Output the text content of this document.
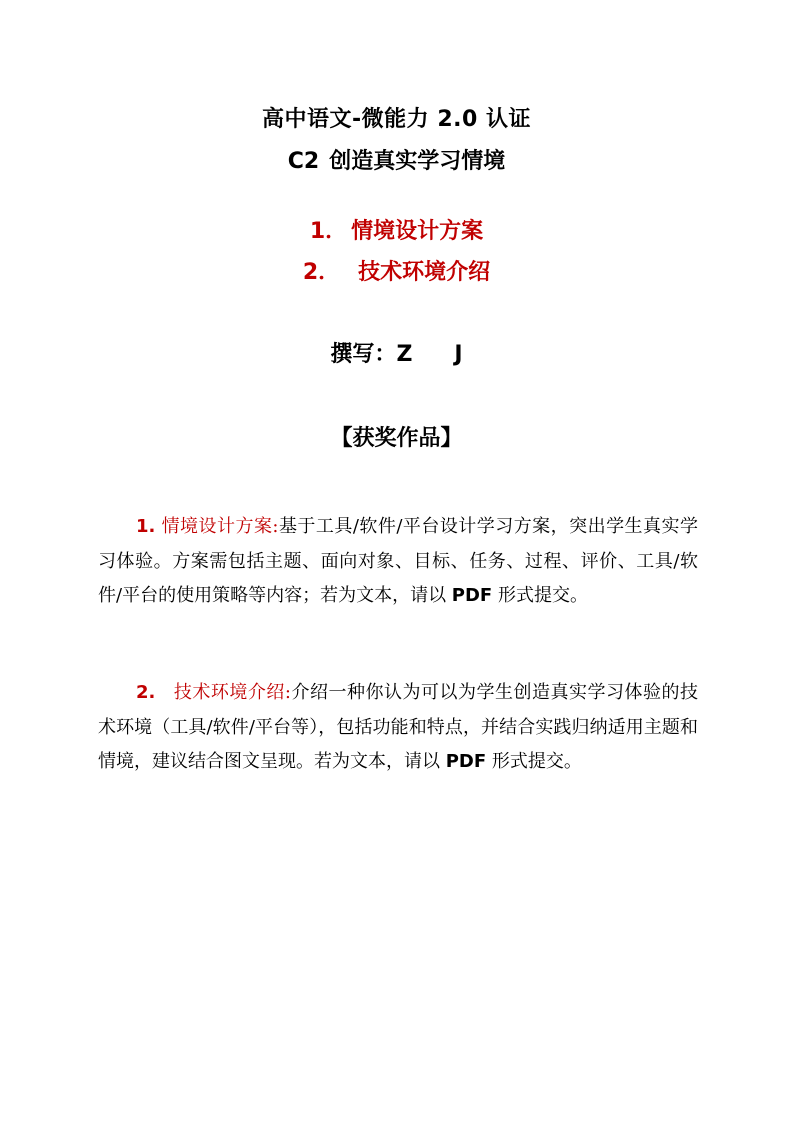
高中语文-微能力 2.0 认证
C2 创造真实学习情境
1． 情境设计方案
2． 技术环境介绍
撰写：Z J
【获奖作品】
1. 情境设计方案:基于工具/软件/平台设计学习方案，突出学生真实学习体验。方案需包括主题、面向对象、目标、任务、过程、评价、工具/软件/平台的使用策略等内容；若为文本，请以 PDF 形式提交。
2. 技术环境介绍:介绍一种你认为可以为学生创造真实学习体验的技术环境（工具/软件/平台等），包括功能和特点，并结合实践归纳适用主题和情境，建议结合图文呈现。若为文本，请以 PDF 形式提交。
